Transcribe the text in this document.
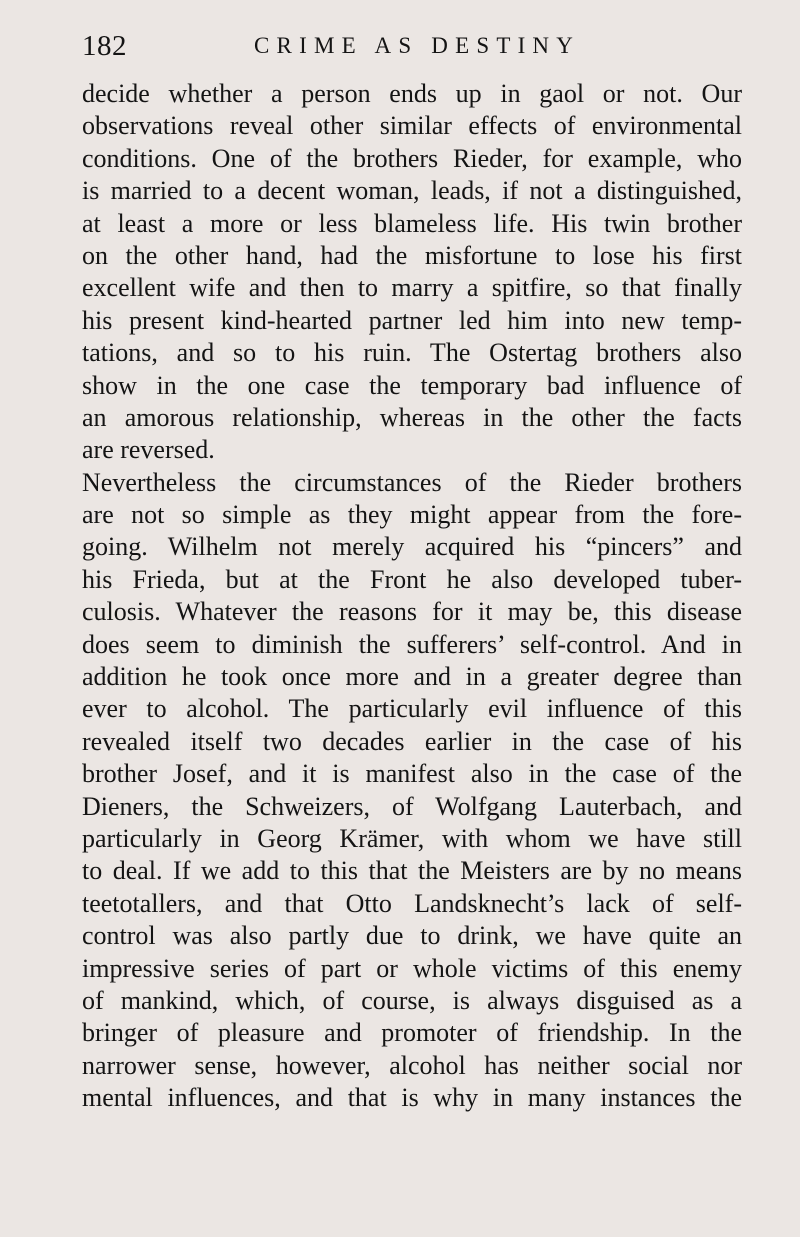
182	CRIME AS DESTINY
decide whether a person ends up in gaol or not. Our
observations reveal other similar effects of environmental
conditions. One of the brothers Rieder, for example, who
is married to a decent woman, leads, if not a distinguished,
at least a more or less blameless life. His twin brother
on the other hand, had the misfortune to lose his first
excellent wife and then to marry a spitfire, so that finally
his present kind-hearted partner led him into new temp-
tations, and so to his ruin. The Ostertag brothers also
show in the one case the temporary bad influence of
an amorous relationship, whereas in the other the facts
are reversed.
Nevertheless the circumstances of the Rieder brothers
are not so simple as they might appear from the fore-
going. Wilhelm not merely acquired his “pincers” and
his Frieda, but at the Front he also developed tuber-
culosis. Whatever the reasons for it may be, this disease
does seem to diminish the sufferers’ self-control. And in
addition he took once more and in a greater degree than
ever to alcohol. The particularly evil influence of this
revealed itself two decades earlier in the case of his
brother Josef, and it is manifest also in the case of the
Dieners, the Schweizers, of Wolfgang Lauterbach, and
particularly in Georg Krämer, with whom we have still
to deal. If we add to this that the Meisters are by no means
teetotallers, and that Otto Landsknecht’s lack of self-
control was also partly due to drink, we have quite an
impressive series of part or whole victims of this enemy
of mankind, which, of course, is always disguised as a
bringer of pleasure and promoter of friendship. In the
narrower sense, however, alcohol has neither social nor
mental influences, and that is why in many instances the
